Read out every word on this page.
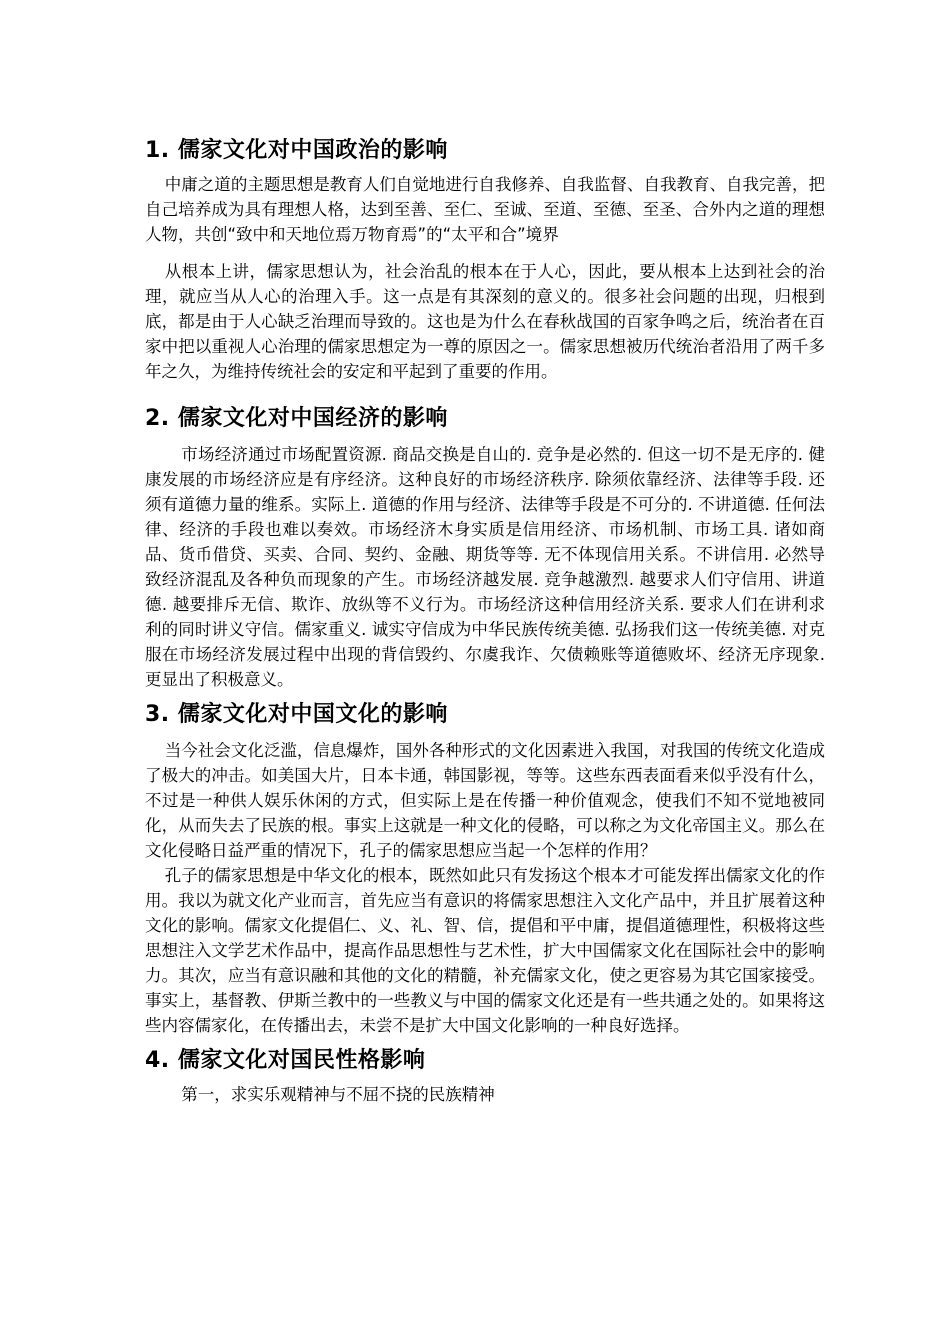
1. 儒家文化对中国政治的影响

中庸之道的主题思想是教育人们自觉地进行自我修养、自我监督、自我教育、自我完善，把自己培养成为具有理想人格，达到至善、至仁、至诚、至道、至德、至圣、合外内之道的理想人物，共创“致中和天地位焉万物育焉”的“太平和合”境界

从根本上讲，儒家思想认为，社会治乱的根本在于人心，因此，要从根本上达到社会的治理，就应当从人心的治理入手。这一点是有其深刻的意义的。很多社会问题的出现，归根到底，都是由于人心缺乏治理而导致的。这也是为什么在春秋战国的百家争鸣之后，统治者在百家中把以重视人心治理的儒家思想定为一尊的原因之一。儒家思想被历代统治者沿用了两千多年之久，为维持传统社会的安定和平起到了重要的作用。

2. 儒家文化对中国经济的影响

市场经济通过市场配置资源. 商品交换是自山的. 竞争是必然的. 但这一切不是无序的. 健康发展的市场经济应是有序经济。这种良好的市场经济秩序. 除须依靠经济、法律等手段. 还须有道德力量的维系。实际上. 道德的作用与经济、法律等手段是不可分的. 不讲道德. 任何法律、经济的手段也难以奏效。市场经济木身实质是信用经济、市场机制、市场工具. 诸如商品、货币借贷、买卖、合同、契约、金融、期货等等. 无不体现信用关系。不讲信用. 必然导致经济混乱及各种负而现象的产生。市场经济越发展. 竞争越激烈. 越要求人们守信用、讲道德. 越要排斥无信、欺诈、放纵等不义行为。市场经济这种信用经济关系. 要求人们在讲利求利的同时讲义守信。儒家重义. 诚实守信成为中华民族传统美德. 弘扬我们这一传统美德. 对克服在市场经济发展过程中出现的背信毁约、尔虞我诈、欠债赖账等道德败坏、经济无序现象. 更显出了积极意义。

3. 儒家文化对中国文化的影响

当今社会文化泛滥，信息爆炸，国外各种形式的文化因素进入我国，对我国的传统文化造成了极大的冲击。如美国大片，日本卡通，韩国影视，等等。这些东西表面看来似乎没有什么，不过是一种供人娱乐休闲的方式，但实际上是在传播一种价值观念，使我们不知不觉地被同化，从而失去了民族的根。事实上这就是一种文化的侵略，可以称之为文化帝国主义。那么在文化侵略日益严重的情况下，孔子的儒家思想应当起一个怎样的作用？

孔子的儒家思想是中华文化的根本，既然如此只有发扬这个根本才可能发挥出儒家文化的作用。我以为就文化产业而言，首先应当有意识的将儒家思想注入文化产品中，并且扩展着这种文化的影响。儒家文化提倡仁、义、礼、智、信，提倡和平中庸，提倡道德理性，积极将这些思想注入文学艺术作品中，提高作品思想性与艺术性，扩大中国儒家文化在国际社会中的影响力。其次，应当有意识融和其他的文化的精髓，补充儒家文化，使之更容易为其它国家接受。事实上，基督教、伊斯兰教中的一些教义与中国的儒家文化还是有一些共通之处的。如果将这些内容儒家化，在传播出去，未尝不是扩大中国文化影响的一种良好选择。

4. 儒家文化对国民性格影响

第一，求实乐观精神与不屈不挠的民族精神
